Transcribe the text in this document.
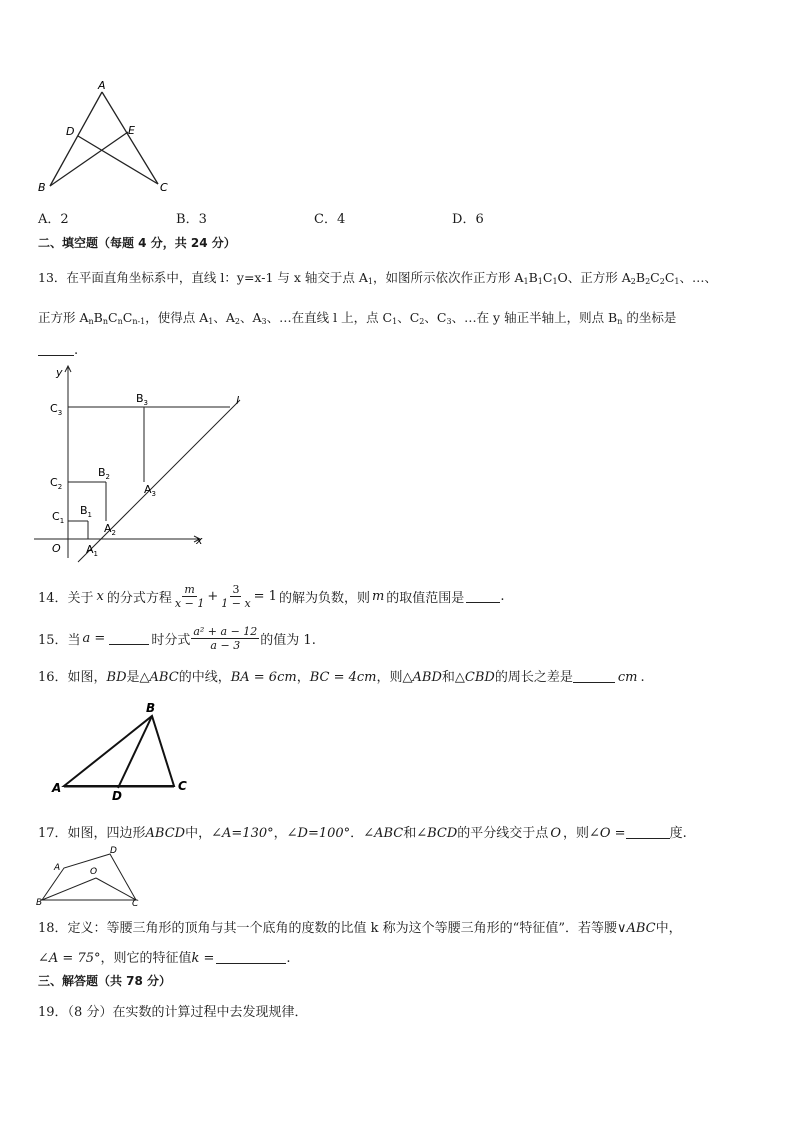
A
D	E
B	C
A．2	B．3	C．4	D．6
二、填空题（每题 4 分，共 24 分）
13．在平面直角坐标系中，直线 l：y=x-1 与 x 轴交于点 $A_1$，如图所示依次作正方形 $A_1B_1C_1O$、正方形 $A_2B_2C_2C_1$、…、
正方形 $A_nB_nC_nC_{n-1}$，使得点 $A_1$、$A_2$、$A_3$、…在直线 l 上，点 $C_1$、$C_2$、$C_3$、…在 y 轴正半轴上，则点 $B_n$ 的坐标是
.
y
x
l
O
$C_3$
$C_2$
$C_1$
$B_3$
$B_2$
$B_1$
$A_3$
$A_2$
$A_1$
14．关于 x 的分式方程 $\frac{m}{x - 1} + \frac{3}{1 - x} = 1$ 的解为负数，则 m 的取值范围是	.
15．当 a =	时分式 $\frac{\text{a² + a − 12}}{a - 3}$ 的值为 1.
16．如图，BD是△ABC的中线，BA = 6cm，BC = 4cm，则△ABD和△CBD的周长之差是	cm .
A
B
C
D
17．如图，四边形ABCD中，∠A=130°，∠D=100°．∠ABC和∠BCD的平分线交于点 O ，则∠O =	度.
A
B	C
D
O
18．定义：等腰三角形的顶角与其一个底角的度数的比值 k 称为这个等腰三角形的“特征值”．若等腰∨ABC中，
∠A = 75°，则它的特征值k =	.
三、解答题（共 78 分）
19．（8 分）在实数的计算过程中去发现规律．
